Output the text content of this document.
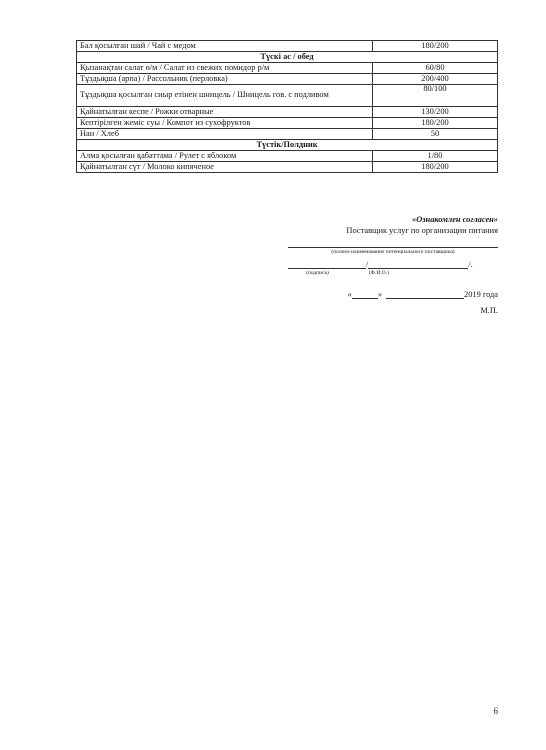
Бал қосылған шай / Чай с медом	180/200
Түскі ас / обед	
Қызанақтан салат ө/м / Салат из свежих помидор р/м	60/80
Тұздықша (арпа) / Рассольник (перловка)	200/400
Тұздықша қосылған сиыр етінен шницель / Шницель гов. с подливом	80/100
Қайнатылған кеспе / Рожки отварные	130/200
Кептірілген жеміс суы / Компот из сухофруктов	180/200
Нан / Хлеб	50
Түстік/Полдник	
Алма қосылған қабаттама / Рулет с яблоком	1/80
Қайнатылған сүт / Молоко кипяченое	180/200
«Ознакомлен согласен»
Поставщик услуг по организации питания
(полное наименование потенциального поставщика)
/	/.
(подпись)	(Ф.И.О.)
«	»	2019 года
М.П.
6
